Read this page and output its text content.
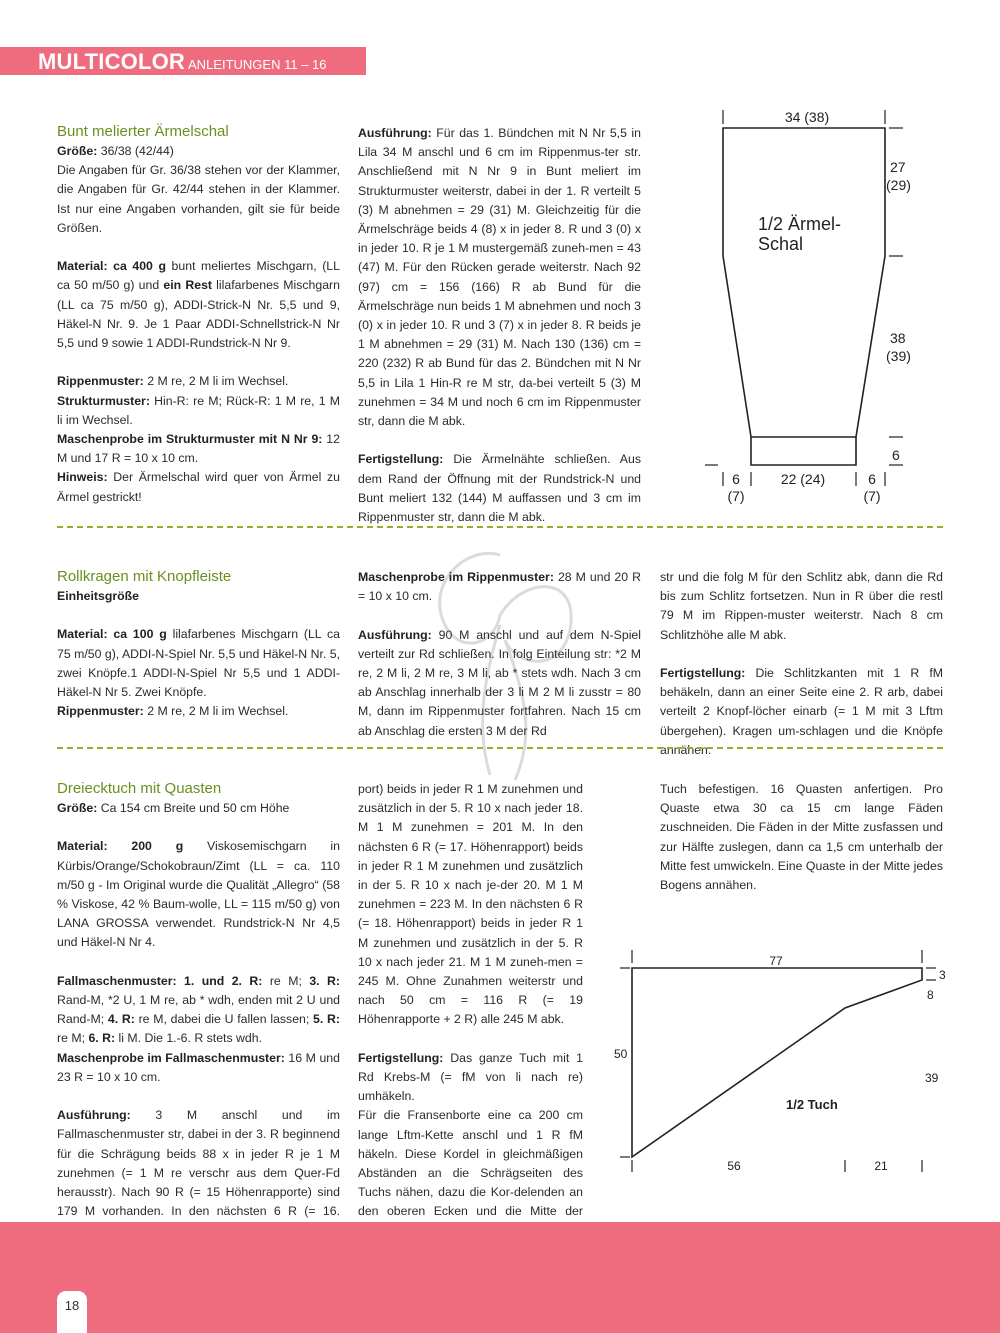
MULTICOLOR ANLEITUNGEN 11 – 16
Bunt melierter Ärmelschal

Größe: 36/38 (42/44)

Die Angaben für Gr. 36/38 stehen vor der Klammer, die Angaben für Gr. 42/44 stehen in der Klammer. Ist nur eine Angaben vorhanden, gilt sie für beide Größen.

Material: ca 400 g bunt meliertes Mischgarn, (LL ca 50 m/50 g) und ein Rest lilafarbenes Mischgarn (LL ca 75 m/50 g), ADDI-Strick-N Nr. 5,5 und 9, Häkel-N Nr. 9. Je 1 Paar ADDI-Schnellstrick-N Nr 5,5 und 9 sowie 1 ADDI-Rundstrick-N Nr 9.

Rippenmuster: 2 M re, 2 M li im Wechsel.

Strukturmuster: Hin-R: re M; Rück-R: 1 M re, 1 M li im Wechsel.

Maschenprobe im Strukturmuster mit N Nr 9: 12 M und 17 R = 10 x 10 cm.

Hinweis: Der Ärmelschal wird quer von Ärmel zu Ärmel gestrickt!

Ausführung: Für das 1. Bündchen mit N Nr 5,5 in Lila 34 M anschl und 6 cm im Rippenmus-ter str. Anschließend mit N Nr 9 in Bunt meliert im Strukturmuster weiterstr, dabei in der 1. R verteilt 5 (3) M abnehmen = 29 (31) M. Gleichzeitig für die Ärmelschräge beids 4 (8) x in jeder 8. R und 3 (0) x in jeder 10. R je 1 M mustergemäß zuneh-men = 43 (47) M. Für den Rücken gerade weiterstr. Nach 92 (97) cm = 156 (166) R ab Bund für die Ärmelschräge nun beids 1 M abnehmen und noch 3 (0) x in jeder 10. R und 3 (7) x in jeder 8. R beids je 1 M abnehmen = 29 (31) M. Nach 130 (136) cm = 220 (232) R ab Bund für das 2. Bündchen mit N Nr 5,5 in Lila 1 Hin-R re M str, da-bei verteilt 5 (3) M zunehmen = 34 M und noch 6 cm im Rippenmuster str, dann die M abk.

Fertigstellung: Die Ärmelnähte schließen. Aus dem Rand der Öffnung mit der Rundstrick-N und Bunt meliert 132 (144) M auffassen und 3 cm im Rippenmuster str, dann die M abk.

34 (38)
27
(29)
1/2 Ärmel-
Schal
38
(39)
6
6
(7)
22 (24)	6
(7)
Rollkragen mit Knopfleiste

Einheitsgröße

Material: ca 100 g lilafarbenes Mischgarn (LL ca 75 m/50 g), ADDI-N-Spiel Nr. 5,5 und Häkel-N Nr. 5, zwei Knöpfe.1 ADDI-N-Spiel Nr 5,5 und 1 ADDI-Häkel-N Nr 5. Zwei Knöpfe.

Rippenmuster: 2 M re, 2 M li im Wechsel.

Maschenprobe im Rippenmuster: 28 M und 20 R = 10 x 10 cm.

Ausführung: 90 M anschl und auf dem N-Spiel verteilt zur Rd schließen. In folg Einteilung str: *2 M re, 2 M li, 2 M re, 3 M li, ab * stets wdh. Nach 3 cm ab Anschlag innerhalb der 3 li M 2 M li zusstr = 80 M, dann im Rippenmuster fortfahren. Nach 15 cm ab Anschlag die ersten 3 M der Rd

str und die folg M für den Schlitz abk, dann die Rd bis zum Schlitz fortsetzen. Nun in R über die restl 79 M im Rippen-muster weiterstr. Nach 8 cm Schlitzhöhe alle M abk.

Fertigstellung: Die Schlitzkanten mit 1 R fM behäkeln, dann an einer Seite eine 2. R arb, dabei verteilt 2 Knopf-löcher einarb (= 1 M mit 3 Lftm übergehen). Kragen um-schlagen und die Knöpfe annähen.

Dreiecktuch mit Quasten

Größe: Ca 154 cm Breite und 50 cm Höhe

Material: 200 g Viskosemischgarn in Kürbis/Orange/Schokobraun/Zimt (LL = ca. 110 m/50 g - Im Original wurde die Qualität „Allegro“ (58 % Viskose, 42 % Baum-wolle, LL = 115 m/50 g) von LANA GROSSA verwendet. Rundstrick-N Nr 4,5 und Häkel-N Nr 4.

Fallmaschenmuster: 1. und 2. R: re M; 3. R: Rand-M, *2 U, 1 M re, ab * wdh, enden mit 2 U und Rand-M; 4. R: re M, dabei die U fallen lassen; 5. R: re M; 6. R: li M. Die 1.-6. R stets wdh.

Maschenprobe im Fallmaschenmuster: 16 M und 23 R = 10 x 10 cm.

Ausführung: 3 M anschl und im Fallmaschenmuster str, dabei in der 3. R beginnend für die Schrägung beids 88 x in jeder R je 1 M zunehmen (= 1 M re verschr aus dem Quer-Fd herausstr). Nach 90 R (= 15 Höhenrapporte) sind 179 M vorhanden. In den nächsten 6 R (= 16.

port) beids in jeder R 1 M zunehmen und zusätzlich in der 5. R 10 x nach jeder 18. M 1 M zunehmen = 201 M. In den nächsten 6 R (= 17. Höhenrapport) beids in jeder R 1 M zunehmen und zusätzlich in der 5. R 10 x nach je-der 20. M 1 M zunehmen = 223 M. In den nächsten 6 R (= 18. Höhenrapport) beids in jeder R 1 M zunehmen und zusätzlich in der 5. R 10 x nach jeder 21. M 1 M zuneh-men = 245 M. Ohne Zunahmen weiterstr und nach 50 cm = 116 R (= 19 Höhenrapporte + 2 R) alle 245 M abk.

Fertigstellung: Das ganze Tuch mit 1 Rd Krebs-M (= fM von li nach re) umhäkeln.

Für die Fransenborte eine ca 200 cm lange Lftm-Kette anschl und 1 R fM häkeln. Diese Kordel in gleichmäßigen Abständen an die Schrägseiten des Tuchs nähen, dazu die Kor-delenden an den oberen Ecken und die Mitte der

Tuch befestigen. 16 Quasten anfertigen. Pro Quaste etwa 30 ca 15 cm lange Fäden zuschneiden. Die Fäden in der Mitte zusfassen und zur Hälfte zuslegen, dann ca 1,5 cm unterhalb der Mitte fest umwickeln. Eine Quaste in der Mitte jedes Bogens annähen.

77
50
3
8
39
1/2 Tuch
56	21
18
